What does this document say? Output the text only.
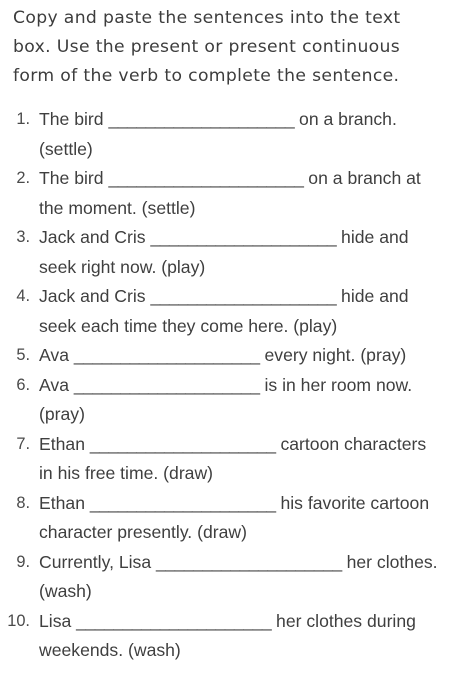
Copy and paste the sentences into the text box. Use the present or present continuous form of the verb to complete the sentence.

1. The bird ____________________ on a branch. (settle)
2. The bird _____________________ on a branch at the moment. (settle)
3. Jack and Cris ____________________ hide and seek right now. (play)
4. Jack and Cris ____________________ hide and seek each time they come here. (play)
5. Ava ____________________ every night. (pray)
6. Ava ____________________ is in her room now. (pray)
7. Ethan ____________________ cartoon characters in his free time. (draw)
8. Ethan ____________________ his favorite cartoon character presently. (draw)
9. Currently, Lisa ____________________ her clothes. (wash)
10. Lisa _____________________ her clothes during weekends. (wash)
